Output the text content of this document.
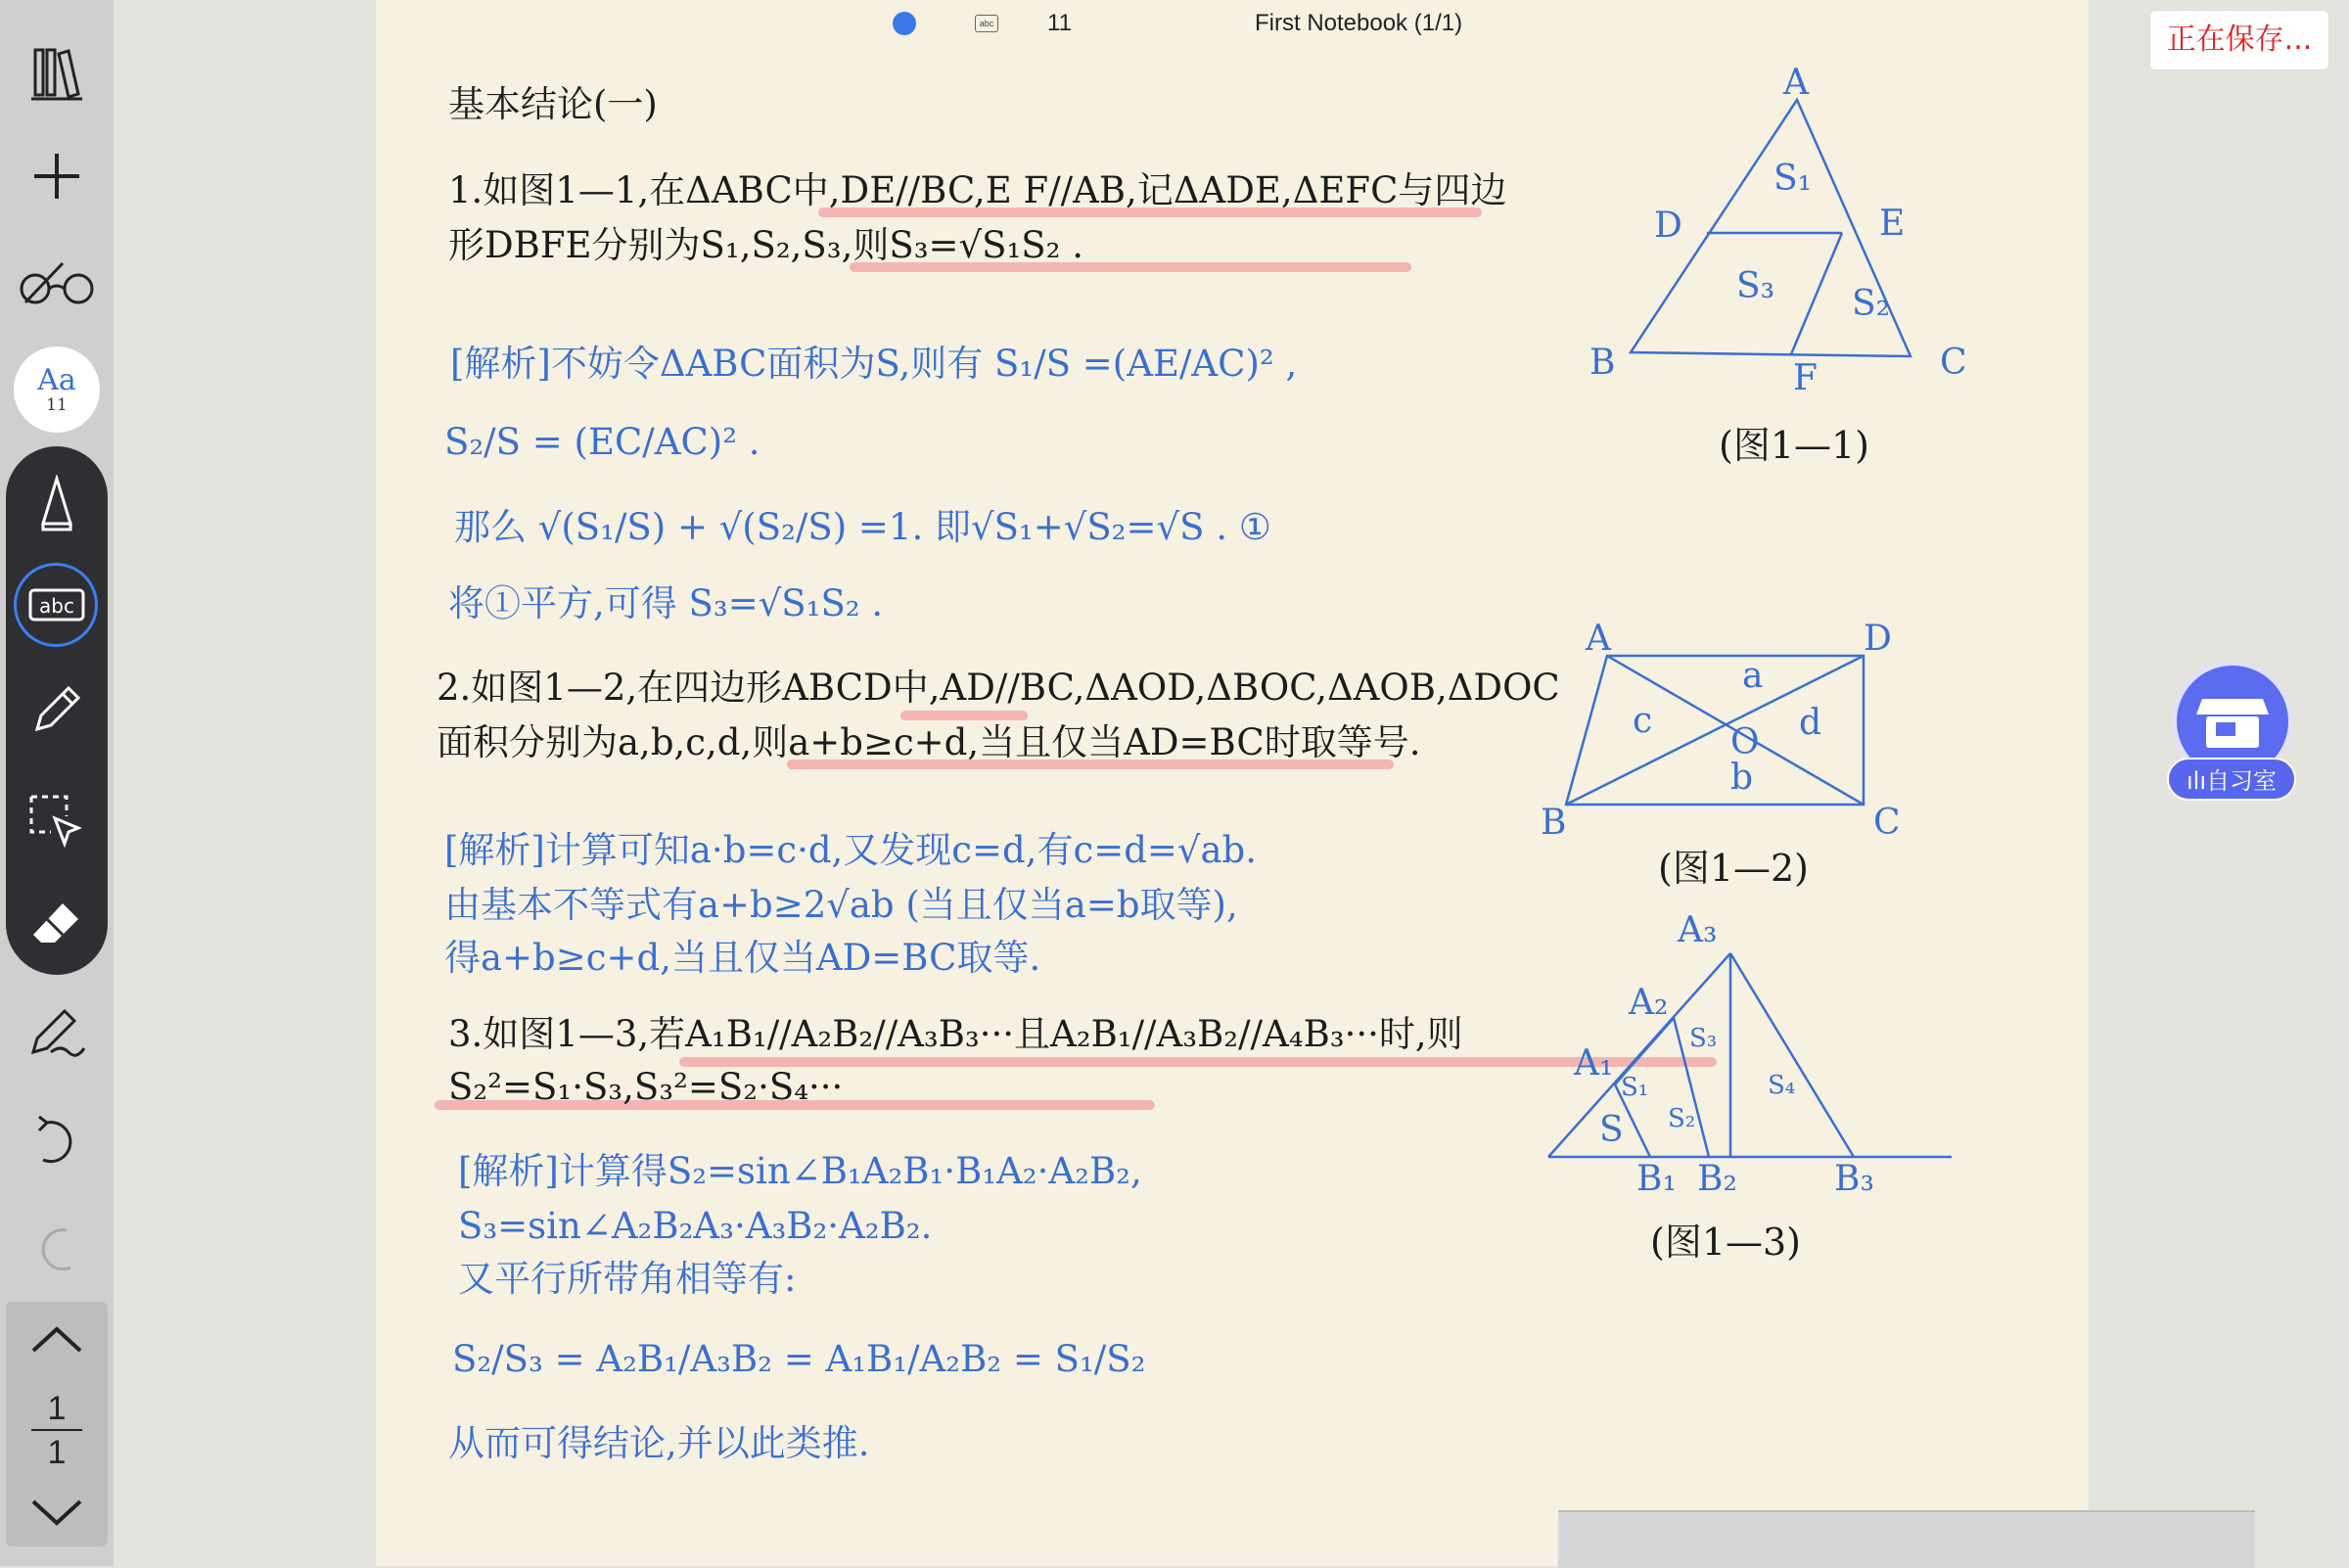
Aa
11
abc
1
1
abc 11	First Notebook (1/1)
基本结论(一)
1.如图1—1,在ΔABC中,DE//BC,E F//AB,记ΔADE,ΔEFC与四边
形DBFE分别为S₁,S₂,S₃,则S₃=√S₁S₂ .
[解析]不妨令ΔABC面积为S,则有 S₁/S =(AE/AC)² ,
S₂/S = (EC/AC)² .
那么 √(S₁/S) + √(S₂/S) =1. 即√S₁+√S₂=√S . ①
将①平方,可得 S₃=√S₁S₂ .
2.如图1—2,在四边形ABCD中,AD//BC,ΔAOD,ΔBOC,ΔAOB,ΔDOC
面积分别为a,b,c,d,则a+b≥c+d,当且仅当AD=BC时取等号.
[解析]计算可知a·b=c·d,又发现c=d,有c=d=√ab.
由基本不等式有a+b≥2√ab (当且仅当a=b取等),
得a+b≥c+d,当且仅当AD=BC取等.
3.如图1—3,若A₁B₁//A₂B₂//A₃B₃···且A₂B₁//A₃B₂//A₄B₃···时,则
S₂²=S₁·S₃,S₃²=S₂·S₄···
[解析]计算得S₂=sin∠B₁A₂B₁·B₁A₂·A₂B₂,
S₃=sin∠A₂B₂A₃·A₃B₂·A₂B₂.
又平行所带角相等有:
S₂/S₃ = A₂B₁/A₃B₂ = A₁B₁/A₂B₂ = S₁/S₂
从而可得结论,并以此类推.
A
D	E
B	F	C
S₁
S₃ S₂
(图1—1)
A	D
B	C
a
c	d
O
b
(图1—2)
A₃
A₂
A₁
S₃
S₁	S₄
S₂
S
B₁ B₂	B₃
(图1—3)
正在保存...
ılı自习室
